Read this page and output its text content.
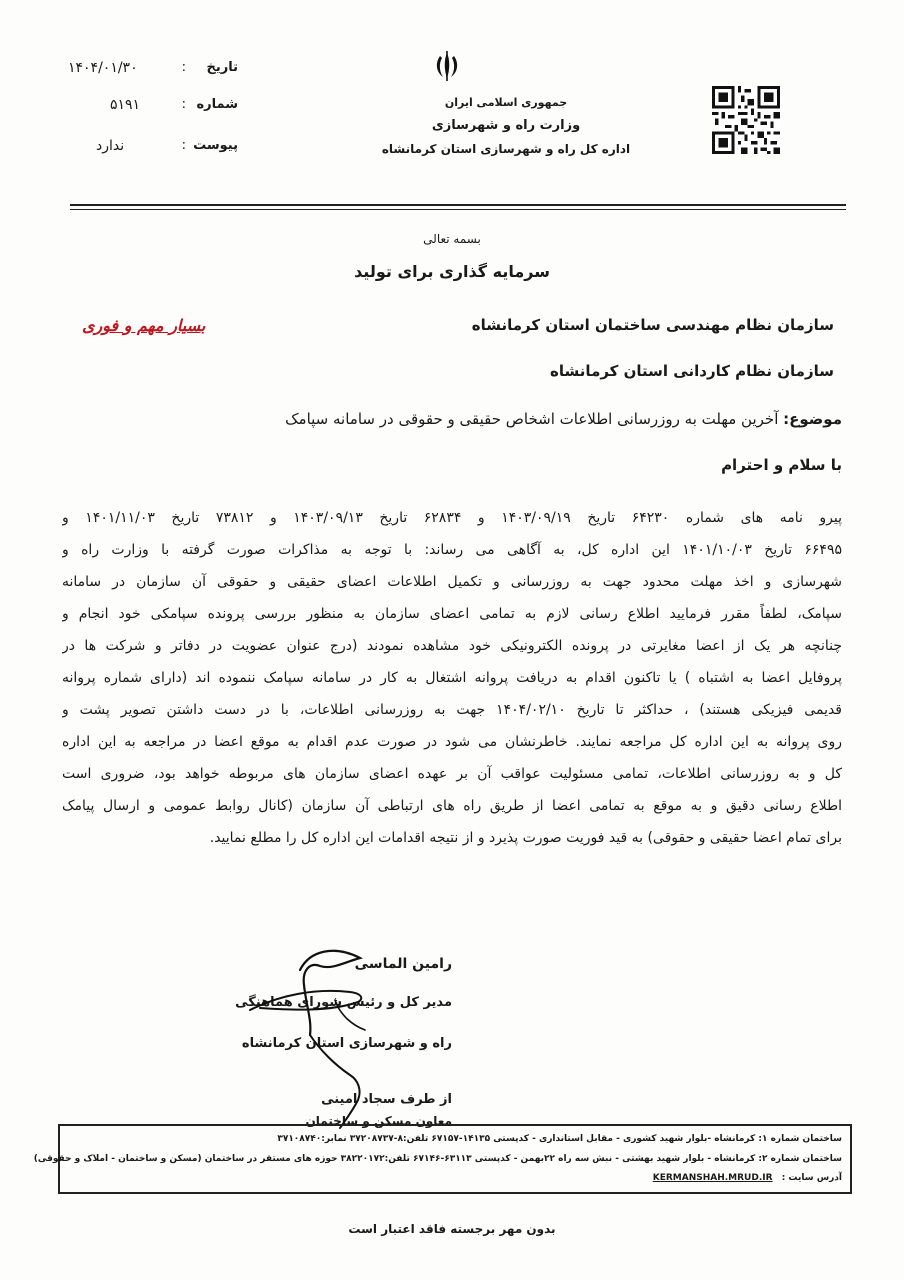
تاریخ
:
۱۴۰۴/۰۱/۳۰
شماره
:
۵۱۹۱
پیوست
:
ندارد
جمهوری اسلامی ایران
وزارت راه و شهرسازی
اداره کل راه و شهرسازی استان کرمانشاه
بسمه تعالی
سرمایه گذاری برای تولید
سازمان نظام مهندسی ساختمان استان کرمانشاه
بسیار مهم و فوری
سازمان نظام کاردانی استان کرمانشاه
موضوع: آخرین مهلت به روزرسانی اطلاعات اشخاص حقیقی و حقوقی در سامانه سپامک
با سلام و احترام
پیرو نامه های شماره ۶۴۲۳۰ تاریخ ۱۴۰۳/۰۹/۱۹ و ۶۲۸۳۴ تاریخ ۱۴۰۳/۰۹/۱۳ و ۷۳۸۱۲ تاریخ ۱۴۰۱/۱۱/۰۳ و
۶۶۴۹۵ تاریخ ۱۴۰۱/۱۰/۰۳ این اداره کل، به آگاهی می رساند: با توجه به مذاکرات صورت گرفته با وزارت راه و
شهرسازی و اخذ مهلت محدود جهت به روزرسانی و تکمیل اطلاعات اعضای حقیقی و حقوقی آن سازمان در سامانه
سپامک، لطفاً مقرر فرمایید اطلاع رسانی لازم به تمامی اعضای سازمان به منظور بررسی پرونده سپامکی خود انجام و
چنانچه هر یک از اعضا مغایرتی در پرونده الکترونیکی خود مشاهده نمودند (درج عنوان عضویت در دفاتر و شرکت ها در
پروفایل اعضا به اشتباه ) یا تاکنون اقدام به دریافت پروانه اشتغال به کار در سامانه سپامک ننموده اند (دارای شماره پروانه
قدیمی فیزیکی هستند) ، حداکثر تا تاریخ ۱۴۰۴/۰۲/۱۰ جهت به روزرسانی اطلاعات، با در دست داشتن تصویر پشت و
روی پروانه به این اداره کل مراجعه نمایند. خاطرنشان می شود در صورت عدم اقدام به موقع اعضا در مراجعه به این اداره
کل و به روزرسانی اطلاعات، تمامی مسئولیت عواقب آن بر عهده اعضای سازمان های مربوطه خواهد بود، ضروری است
اطلاع رسانی دقیق و به موقع به تمامی اعضا از طریق راه های ارتباطی آن سازمان (کانال روابط عمومی و ارسال پیامک
برای تمام اعضا حقیقی و حقوقی) به قید فوریت صورت پذیرد و از نتیجه اقدامات این اداره کل را مطلع نمایید.
رامین الماسی
مدیر کل و رئیس شورای هماهنگی
راه و شهرسازی استان کرمانشاه
از طرف سجاد امینی
معاون مسکن و ساختمان
ساختمان شماره ۱: کرمانشاه -بلوار شهید کشوری - مقابل استانداری - کدپستی ۱۴۱۳۵-۶۷۱۵۷ تلفن:۸-۳۷۲۰۸۷۳۷ نمابر:۳۷۱۰۸۷۴۰
ساختمان شماره ۲: کرمانشاه - بلوار شهید بهشتی - نبش سه راه ۲۲بهمن - کدپستی ۶۳۱۱۳-۶۷۱۴۶ تلفن:۳۸۲۲۰۱۷۲ حوزه های مستقر در ساختمان (مسکن و ساختمان - املاک و حقوقی)
آدرس سایت : KERMANSHAH.MRUD.IR
بدون مهر برجسته فاقد اعتبار است
